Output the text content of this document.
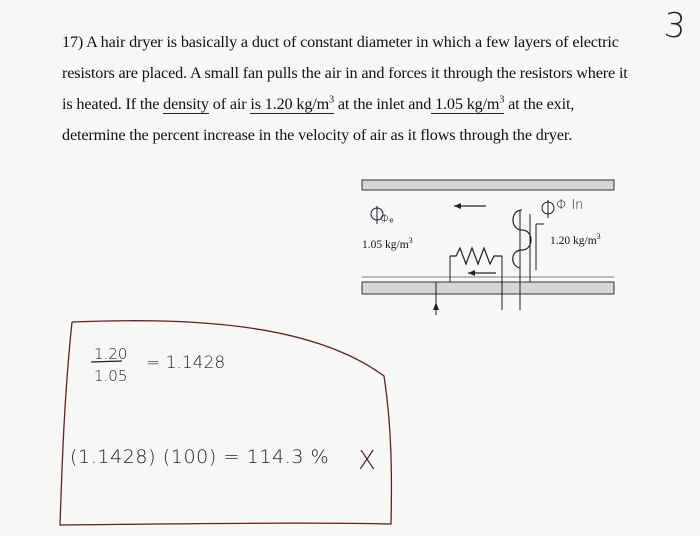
3

17) A hair dryer is basically a duct of constant diameter in which a few layers of electric

resistors are placed. A small fan pulls the air in and forces it through the resistors where it

is heated. If the density of air is 1.20 $kg/m^3$ at the inlet and 1.05 $kg/m^3$ at the exit,

determine the percent increase in the velocity of air as it flows through the dryer.

1.05 $kg/m^3$	1.20 $kg/m^3$
Φₑ
Φ In
1.20
1.05
= 1.1428
(1.1428) (100) = 114.3 % X
